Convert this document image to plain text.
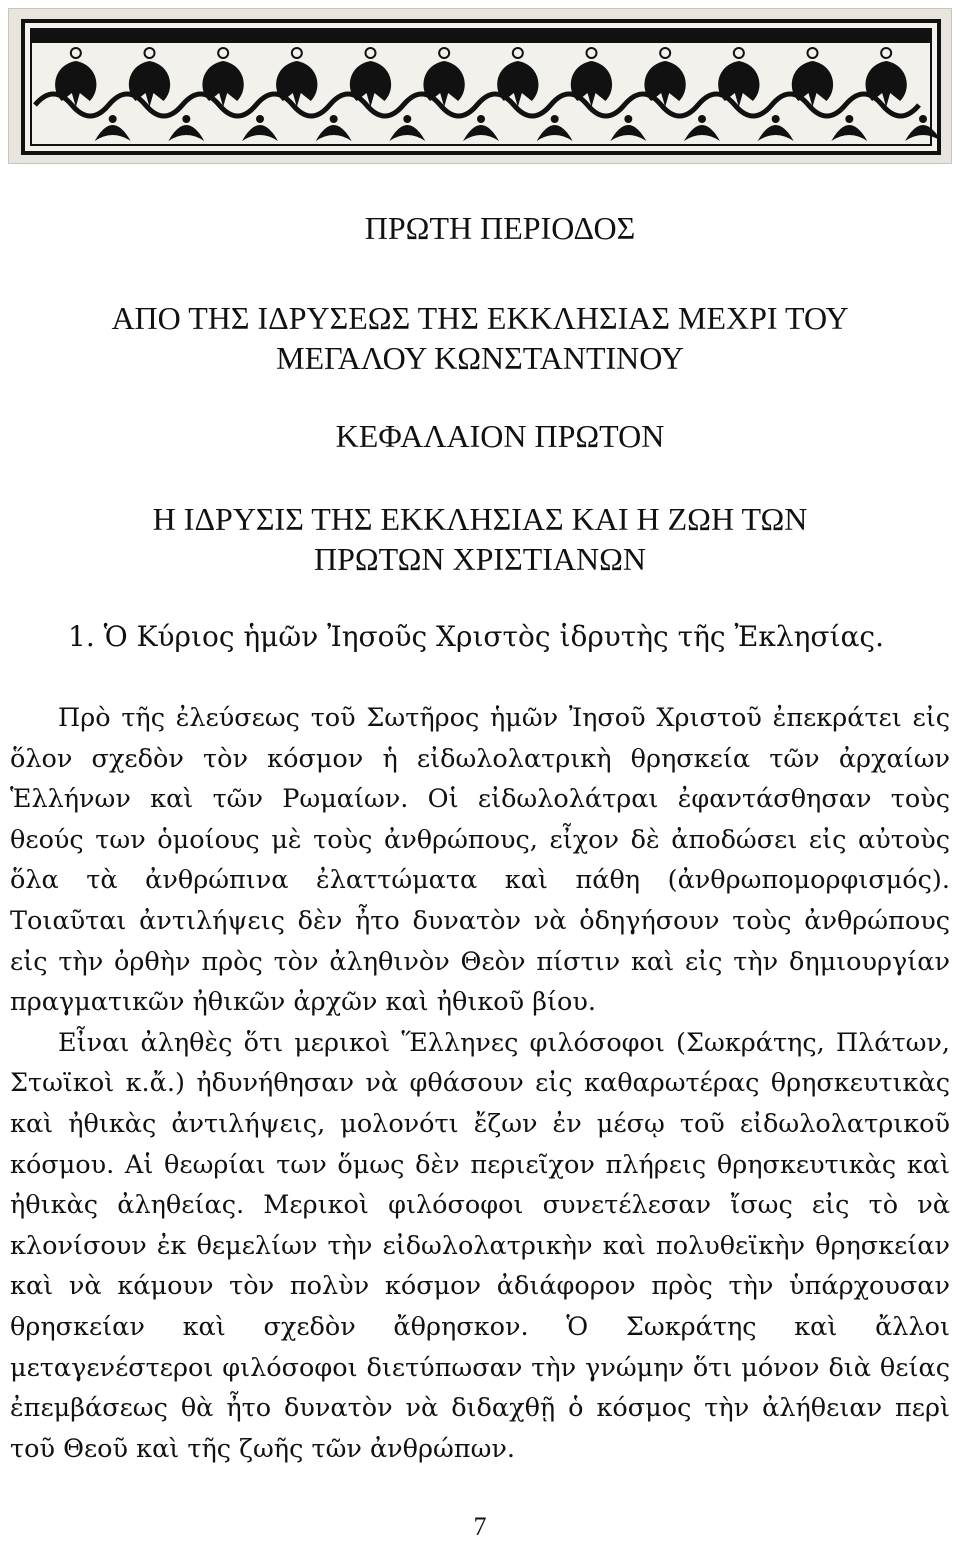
ΠΡΩΤΗ ΠΕΡΙΟΔΟΣ
ΑΠΟ ΤΗΣ ΙΔΡΥΣΕΩΣ ΤΗΣ ΕΚΚΛΗΣΙΑΣ ΜΕΧΡΙ ΤΟΥ
ΜΕΓΑΛΟΥ ΚΩΝΣΤΑΝΤΙΝΟΥ
ΚΕΦΑΛΑΙΟΝ ΠΡΩΤΟΝ
Η ΙΔΡΥΣΙΣ ΤΗΣ ΕΚΚΛΗΣΙΑΣ ΚΑΙ Η ΖΩΗ ΤΩΝ
ΠΡΩΤΩΝ ΧΡΙΣΤΙΑΝΩΝ
1. Ὁ Κύριος ἡμῶν Ἰησοῦς Χριστὸς ἱδρυτὴς τῆς Ἐκλησίας.

Πρὸ τῆς ἐλεύσεως τοῦ Σωτῆρος ἡμῶν Ἰησοῦ Χριστοῦ ἐπεκράτει εἰς ὅλον σχεδὸν τὸν κόσμον ἡ εἰδωλολατρικὴ θρησκεία τῶν ἀρχαίων Ἑλλήνων καὶ τῶν Ρωμαίων. Οἱ εἰδωλολάτραι ἐφαντάσθησαν τοὺς θεούς των ὁμοίους μὲ τοὺς ἀνθρώπους, εἶχον δὲ ἀποδώσει εἰς αὐτοὺς ὅλα τὰ ἀνθρώπινα ἐλαττώματα καὶ πάθη (ἀνθρωπομορφισμός). Τοιαῦται ἀντιλήψεις δὲν ἦτο δυνατὸν νὰ ὁδηγήσουν τοὺς ἀνθρώπους εἰς τὴν ὀρθὴν πρὸς τὸν ἀληθινὸν Θεὸν πίστιν καὶ εἰς τὴν δημιουργίαν πραγματικῶν ἠθικῶν ἀρχῶν καὶ ἠθικοῦ βίου.

Εἶναι ἀληθὲς ὅτι μερικοὶ Ἕλληνες φιλόσοφοι (Σωκράτης, Πλάτων, Στωϊκοὶ κ.ἄ.) ἠδυνήθησαν νὰ φθάσουν εἰς καθαρωτέρας θρησκευτικὰς καὶ ἠθικὰς ἀντιλήψεις, μολονότι ἔζων ἐν μέσῳ τοῦ εἰδωλολατρικοῦ κόσμου. Αἱ θεωρίαι των ὅμως δὲν περιεῖχον πλήρεις θρησκευτικὰς καὶ ἠθικὰς ἀληθείας. Μερικοὶ φιλόσοφοι συνετέλεσαν ἴσως εἰς τὸ νὰ κλονίσουν ἐκ θεμελίων τὴν εἰδωλολατρικὴν καὶ πολυθεϊκὴν θρησκείαν καὶ νὰ κάμουν τὸν πολὺν κόσμον ἀδιάφορον πρὸς τὴν ὑπάρχουσαν θρησκείαν καὶ σχεδὸν ἄθρησκον. Ὁ Σωκράτης καὶ ἄλλοι μεταγενέστεροι φιλόσοφοι διετύπωσαν τὴν γνώμην ὅτι μόνον διὰ θείας ἐπεμβάσεως θὰ ἦτο δυνατὸν νὰ διδαχθῇ ὁ κόσμος τὴν ἀλήθειαν περὶ τοῦ Θεοῦ καὶ τῆς ζωῆς τῶν ἀνθρώπων.

7
